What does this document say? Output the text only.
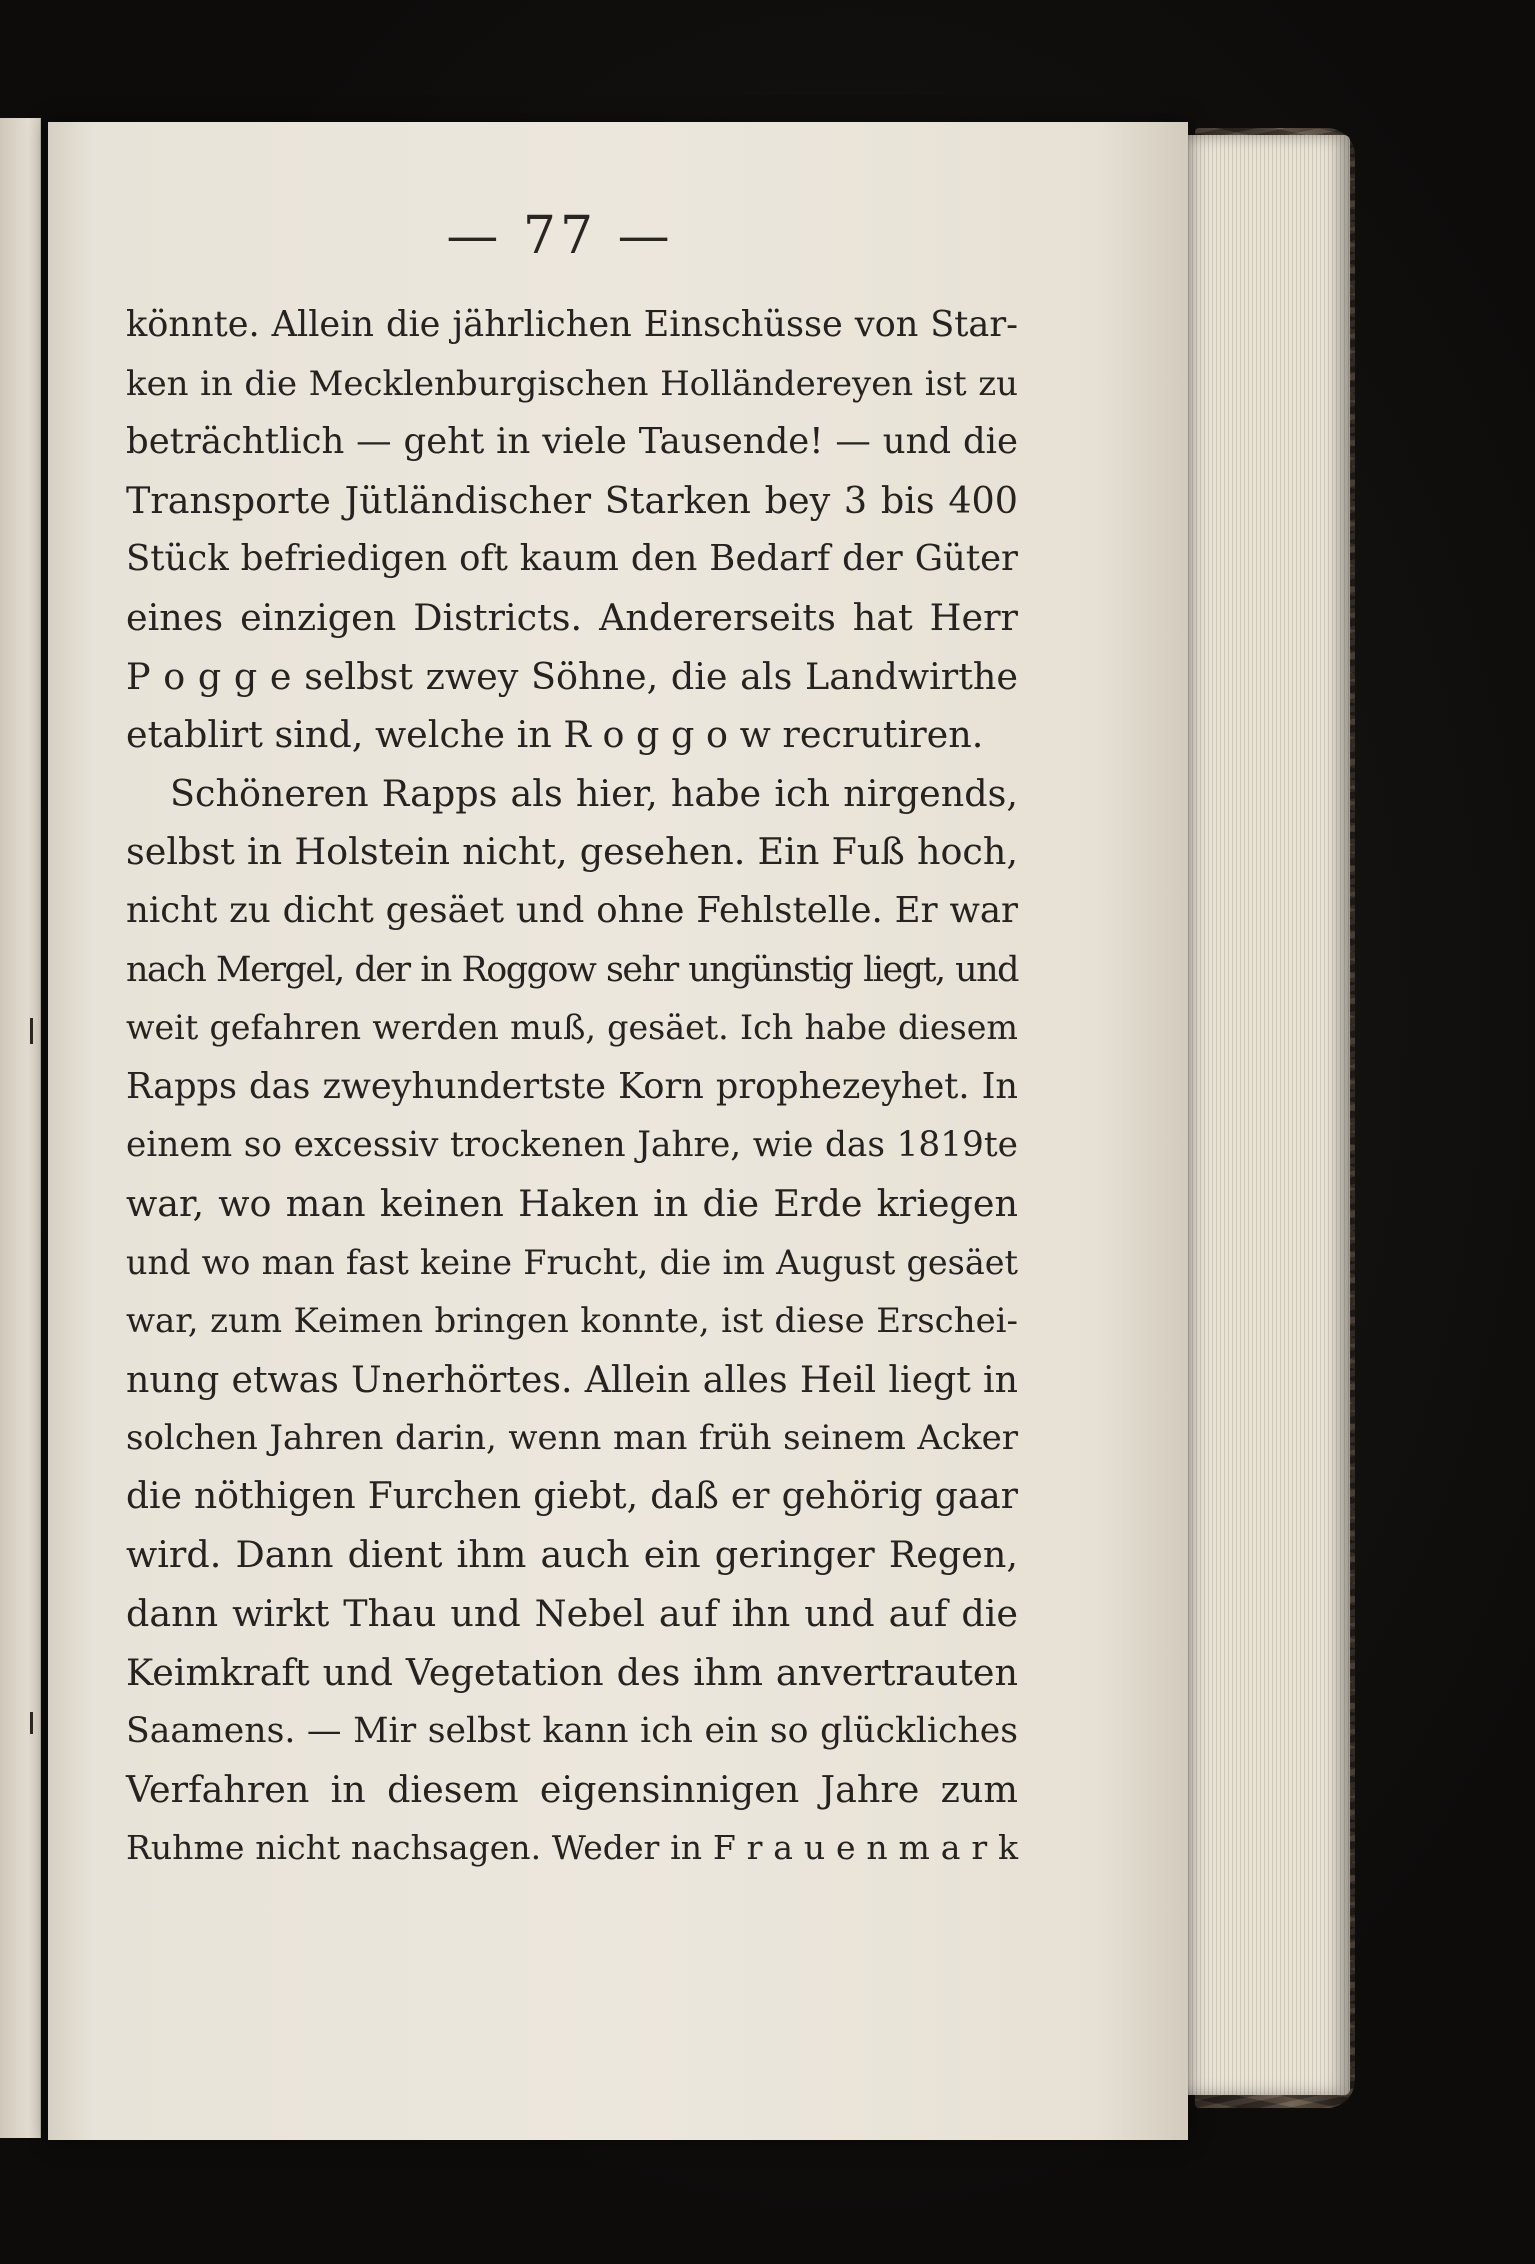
— 77 —
könnte. Allein die jährlichen Einschüsse von Star-
ken in die Mecklenburgischen Holländereyen ist zu
beträchtlich — geht in viele Tausende! — und die
Transporte Jütländischer Starken bey 3 bis 400
Stück befriedigen oft kaum den Bedarf der Güter
eines einzigen Districts. Andererseits hat Herr
P o g g e selbst zwey Söhne, die als Landwirthe
etablirt sind, welche in R o g g o w recrutiren.
Schöneren Rapps als hier, habe ich nirgends,
selbst in Holstein nicht, gesehen. Ein Fuß hoch,
nicht zu dicht gesäet und ohne Fehlstelle. Er war
nach Mergel, der in Roggow sehr ungünstig liegt, und
weit gefahren werden muß, gesäet. Ich habe diesem
Rapps das zweyhundertste Korn prophezeyhet. In
einem so excessiv trockenen Jahre, wie das 1819te
war, wo man keinen Haken in die Erde kriegen
und wo man fast keine Frucht, die im August gesäet
war, zum Keimen bringen konnte, ist diese Erschei-
nung etwas Unerhörtes. Allein alles Heil liegt in
solchen Jahren darin, wenn man früh seinem Acker
die nöthigen Furchen giebt, daß er gehörig gaar
wird. Dann dient ihm auch ein geringer Regen,
dann wirkt Thau und Nebel auf ihn und auf die
Keimkraft und Vegetation des ihm anvertrauten
Saamens. — Mir selbst kann ich ein so glückliches
Verfahren in diesem eigensinnigen Jahre zum
Ruhme nicht nachsagen. Weder in F r a u e n m a r k
